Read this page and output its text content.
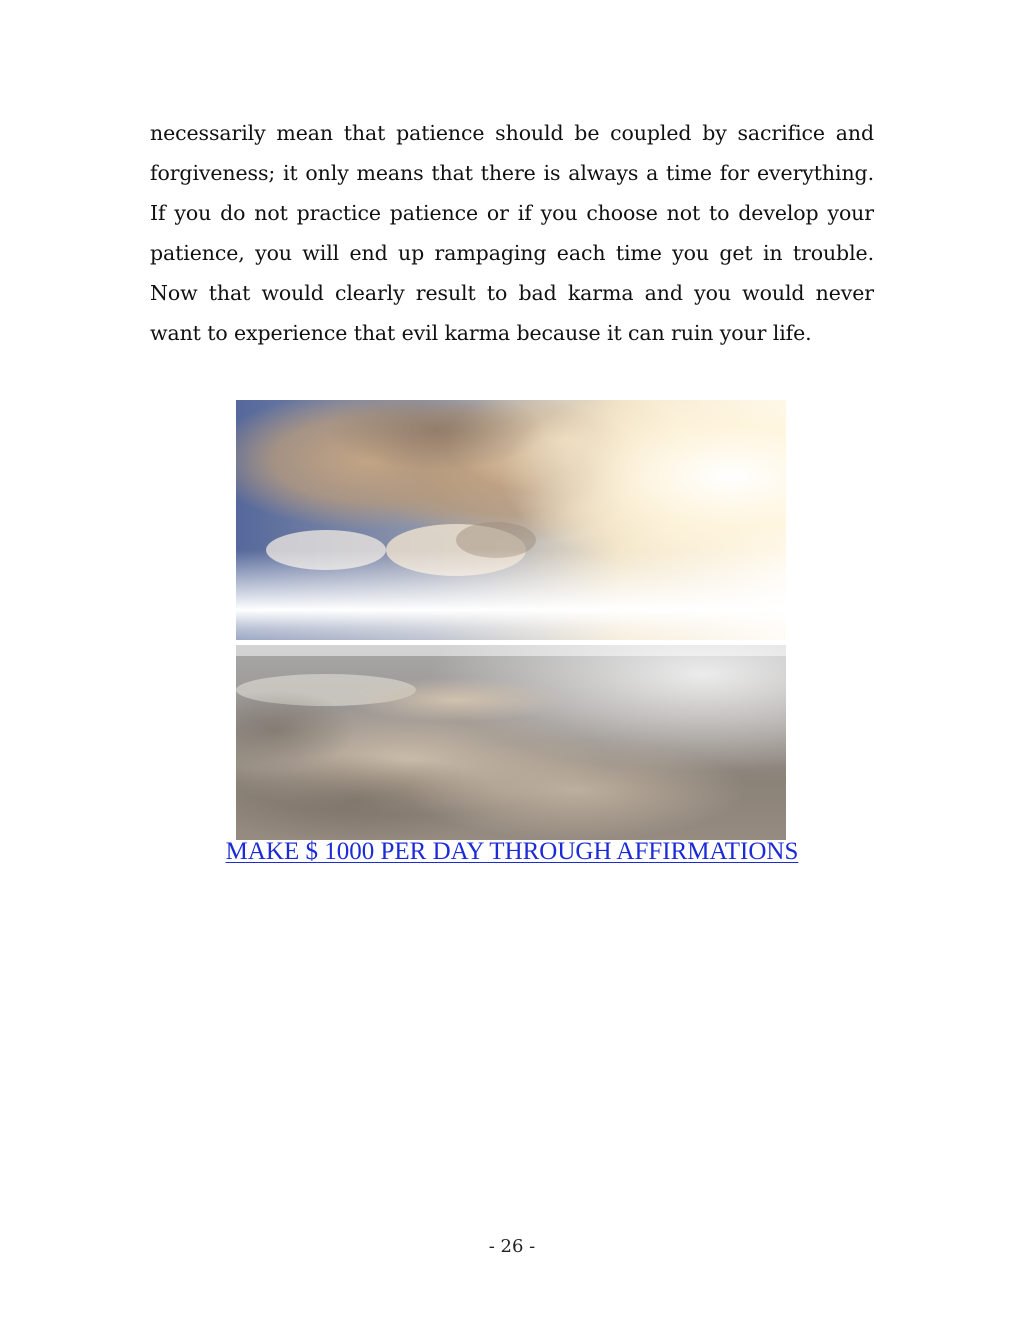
necessarily mean that patience should be coupled by sacrifice and forgiveness; it only means that there is always a time for everything. If you do not practice patience or if you choose not to develop your patience, you will end up rampaging each time you get in trouble. Now that would clearly result to bad karma and you would never want to experience that evil karma because it can ruin your life.

MAKE $ 1000 PER DAY THROUGH AFFIRMATIONS
- 26 -
